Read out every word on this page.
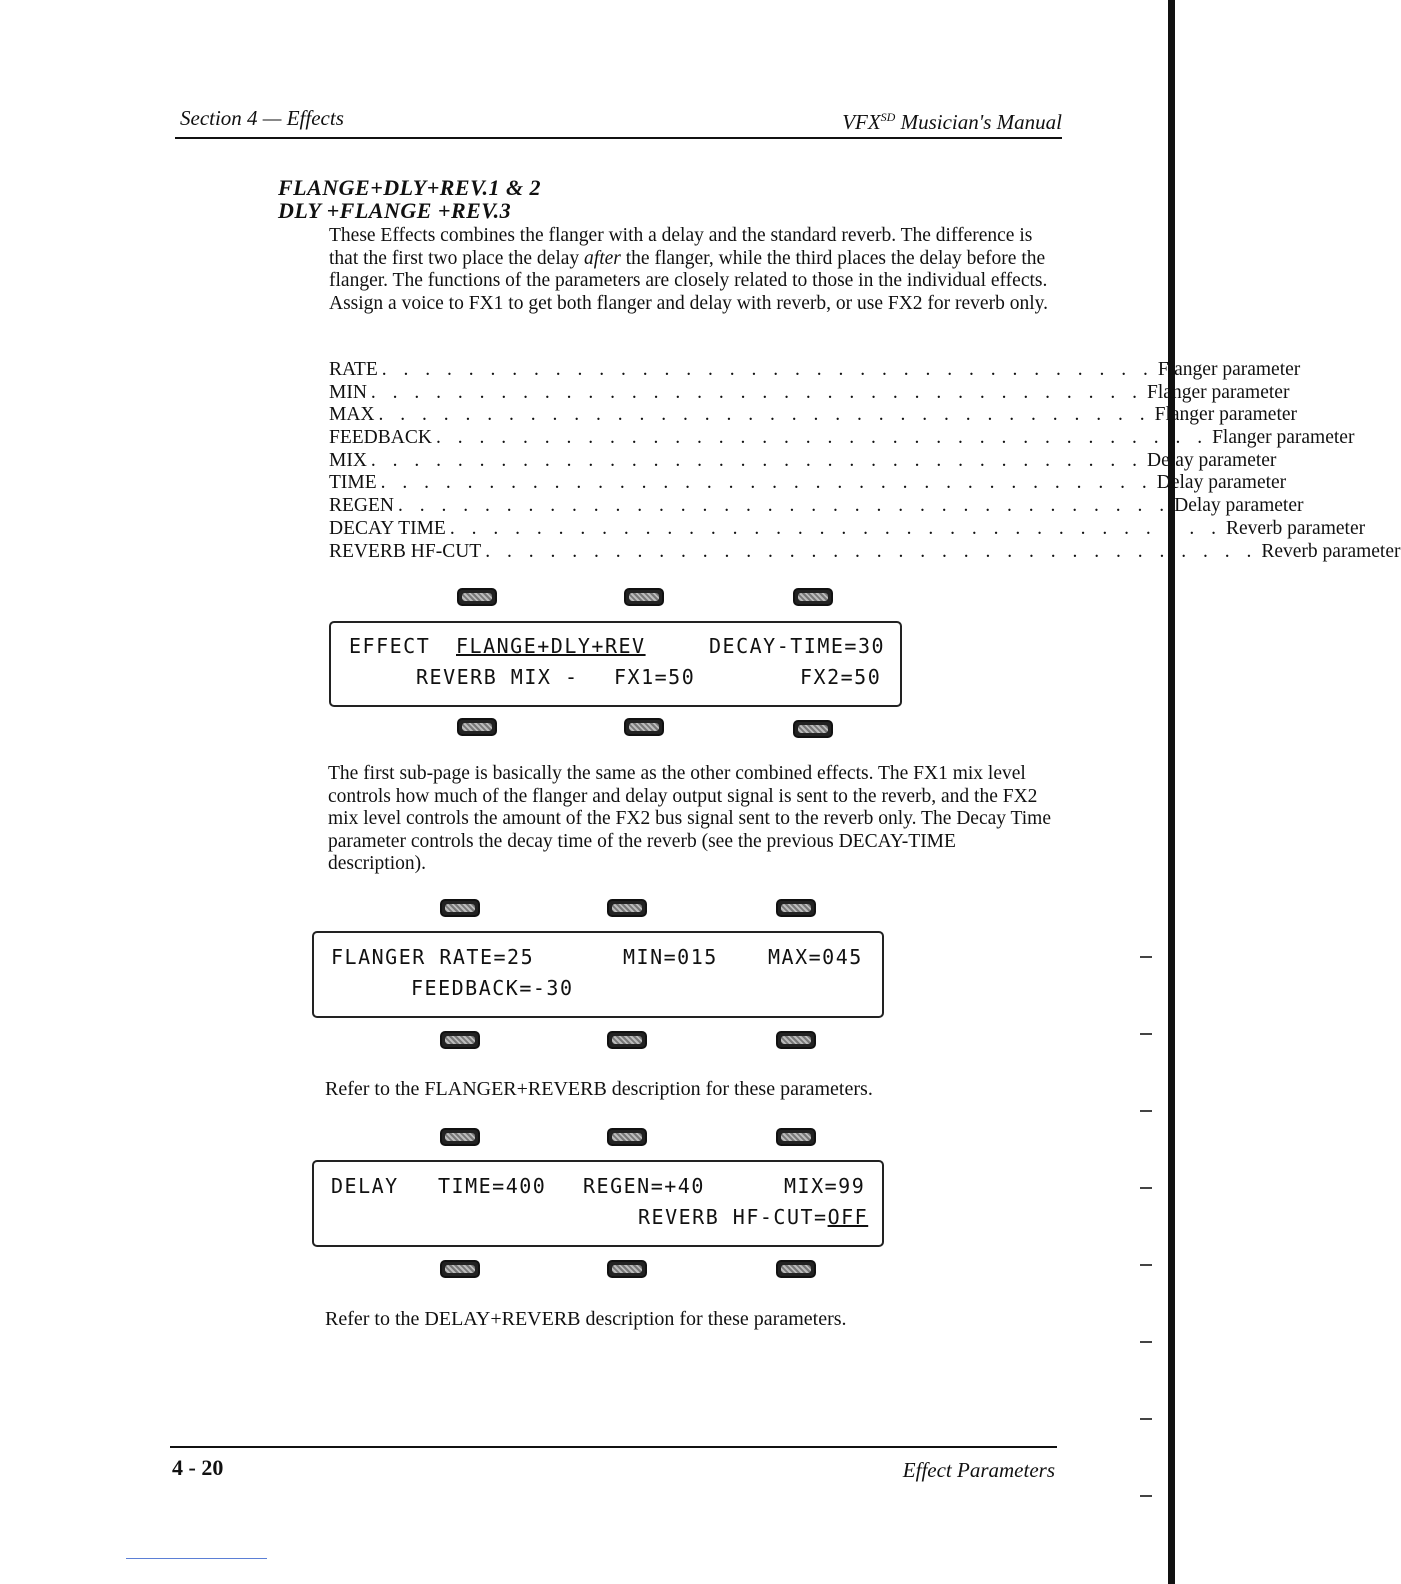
Section 4 — Effects	$VFX^{SD}$ Musician's Manual
FLANGE+DLY+REV.1 & 2
DLY +FLANGE +REV.3
These Effects combines the flanger with a delay and the standard reverb. The difference is that the first two place the delay after the flanger, while the third places the delay before the flanger. The functions of the parameters are closely related to those in the individual effects. Assign a voice to FX1 to get both flanger and delay with reverb, or use FX2 for reverb only.
RATE . . . . . . . . . . . . . . . . . . . . . . . . . . . . . . . . . . . . Flanger parameter
MIN . . . . . . . . . . . . . . . . . . . . . . . . . . . . . . . . . . . . Flanger parameter
MAX . . . . . . . . . . . . . . . . . . . . . . . . . . . . . . . . . . . . Flanger parameter
FEEDBACK . . . . . . . . . . . . . . . . . . . . . . . . . . . . . . . . . . . . Flanger parameter
MIX . . . . . . . . . . . . . . . . . . . . . . . . . . . . . . . . . . . . Delay parameter
TIME . . . . . . . . . . . . . . . . . . . . . . . . . . . . . . . . . . . . Delay parameter
REGEN . . . . . . . . . . . . . . . . . . . . . . . . . . . . . . . . . . . . Delay parameter
DECAY TIME . . . . . . . . . . . . . . . . . . . . . . . . . . . . . . . . . . . . Reverb parameter
REVERB HF-CUT . . . . . . . . . . . . . . . . . . . . . . . . . . . . . . . . . . . . Reverb parameter
EFFECT FLANGE+DLY+REV	DECAY-TIME=30
REVERB MIX - FX1=50	FX2=50
The first sub-page is basically the same as the other combined effects. The FX1 mix level controls how much of the flanger and delay output signal is sent to the reverb, and the FX2 mix level controls the amount of the FX2 bus signal sent to the reverb only. The Decay Time parameter controls the decay time of the reverb (see the previous DECAY-TIME description).
FLANGER RATE=25	MIN=015	MAX=045
FEEDBACK=-30
Refer to the FLANGER+REVERB description for these parameters.
DELAY TIME=400 REGEN=+40	MIX=99
REVERB HF-CUT=OFF
Refer to the DELAY+REVERB description for these parameters.
4 - 20	Effect Parameters
